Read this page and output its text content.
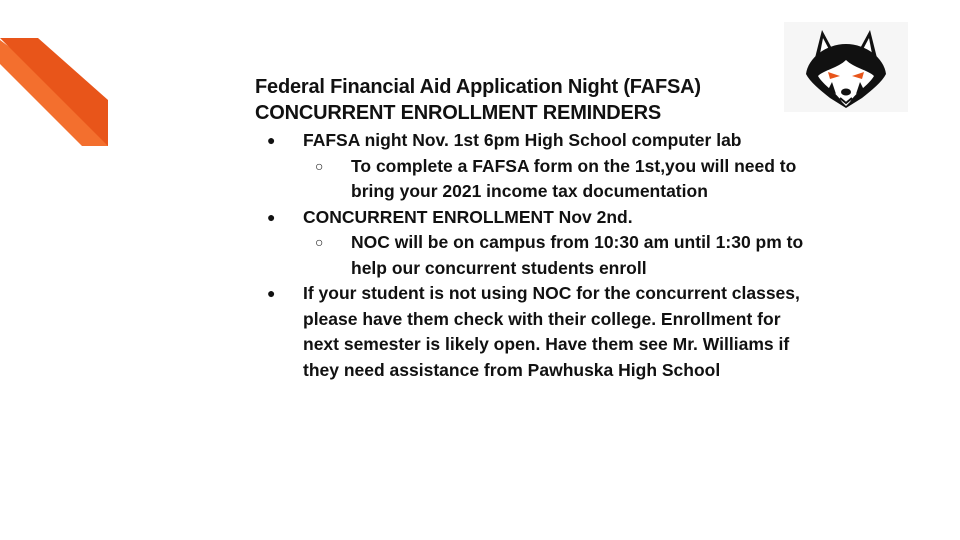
Federal Financial Aid Application Night (FAFSA)
CONCURRENT ENROLLMENT REMINDERS

● FAFSA night Nov. 1st 6pm High School computer lab
○ To complete a FAFSA form on the 1st,you will need to bring your 2021 income tax documentation
● CONCURRENT ENROLLMENT Nov 2nd.
○ NOC will be on campus from 10:30 am until 1:30 pm to help our concurrent students enroll
● If your student is not using NOC for the concurrent classes, please have them check with their college. Enrollment for next semester is likely open. Have them see Mr. Williams if they need assistance from Pawhuska High School
